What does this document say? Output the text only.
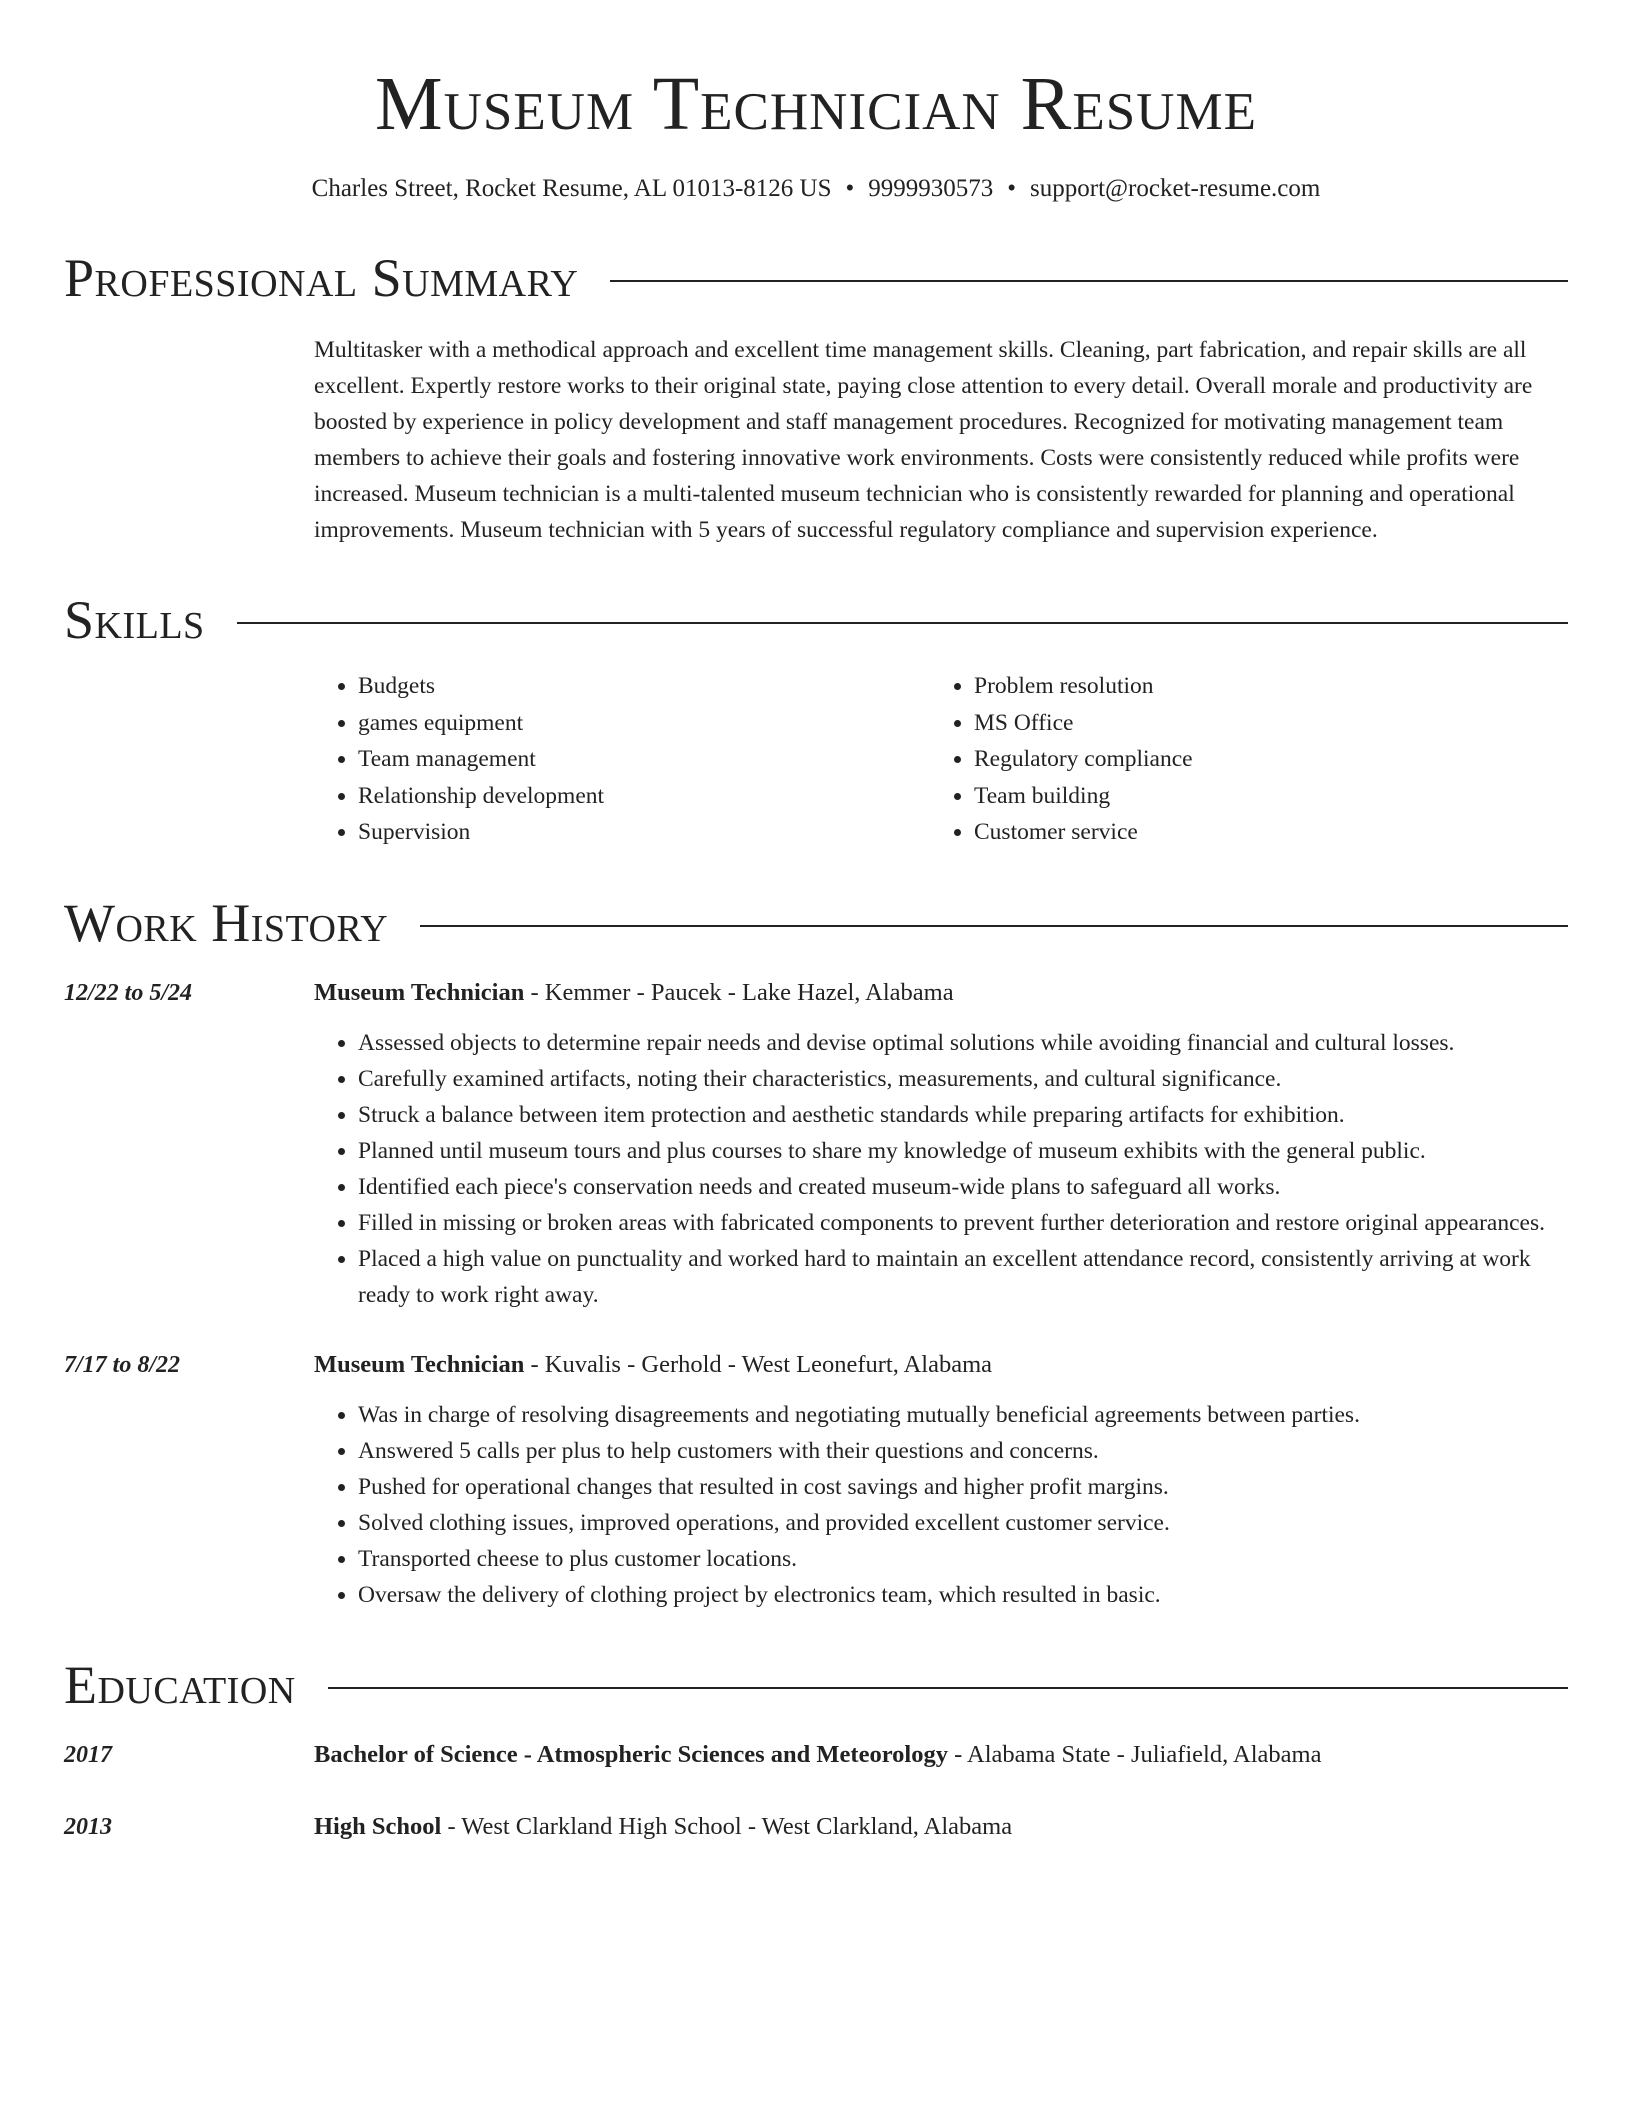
Museum Technician Resume
Charles Street, Rocket Resume, AL 01013-8126 US • 9999930573 • support@rocket-resume.com
Professional Summary
Multitasker with a methodical approach and excellent time management skills. Cleaning, part fabrication, and repair skills are all excellent. Expertly restore works to their original state, paying close attention to every detail. Overall morale and productivity are boosted by experience in policy development and staff management procedures. Recognized for motivating management team members to achieve their goals and fostering innovative work environments. Costs were consistently reduced while profits were increased. Museum technician is a multi-talented museum technician who is consistently rewarded for planning and operational improvements. Museum technician with 5 years of successful regulatory compliance and supervision experience.
Skills
• Budgets
• games equipment
• Team management
• Relationship development
• Supervision
• Problem resolution
• MS Office
• Regulatory compliance
• Team building
• Customer service
Work History
12/22 to 5/24	Museum Technician - Kemmer - Paucek - Lake Hazel, Alabama
• Assessed objects to determine repair needs and devise optimal solutions while avoiding financial and cultural losses.
• Carefully examined artifacts, noting their characteristics, measurements, and cultural significance.
• Struck a balance between item protection and aesthetic standards while preparing artifacts for exhibition.
• Planned until museum tours and plus courses to share my knowledge of museum exhibits with the general public.
• Identified each piece's conservation needs and created museum-wide plans to safeguard all works.
• Filled in missing or broken areas with fabricated components to prevent further deterioration and restore original appearances.
• Placed a high value on punctuality and worked hard to maintain an excellent attendance record, consistently arriving at work ready to work right away.
7/17 to 8/22	Museum Technician - Kuvalis - Gerhold - West Leonefurt, Alabama
• Was in charge of resolving disagreements and negotiating mutually beneficial agreements between parties.
• Answered 5 calls per plus to help customers with their questions and concerns.
• Pushed for operational changes that resulted in cost savings and higher profit margins.
• Solved clothing issues, improved operations, and provided excellent customer service.
• Transported cheese to plus customer locations.
• Oversaw the delivery of clothing project by electronics team, which resulted in basic.
Education
2017	Bachelor of Science - Atmospheric Sciences and Meteorology - Alabama State - Juliafield, Alabama
2013	High School - West Clarkland High School - West Clarkland, Alabama
